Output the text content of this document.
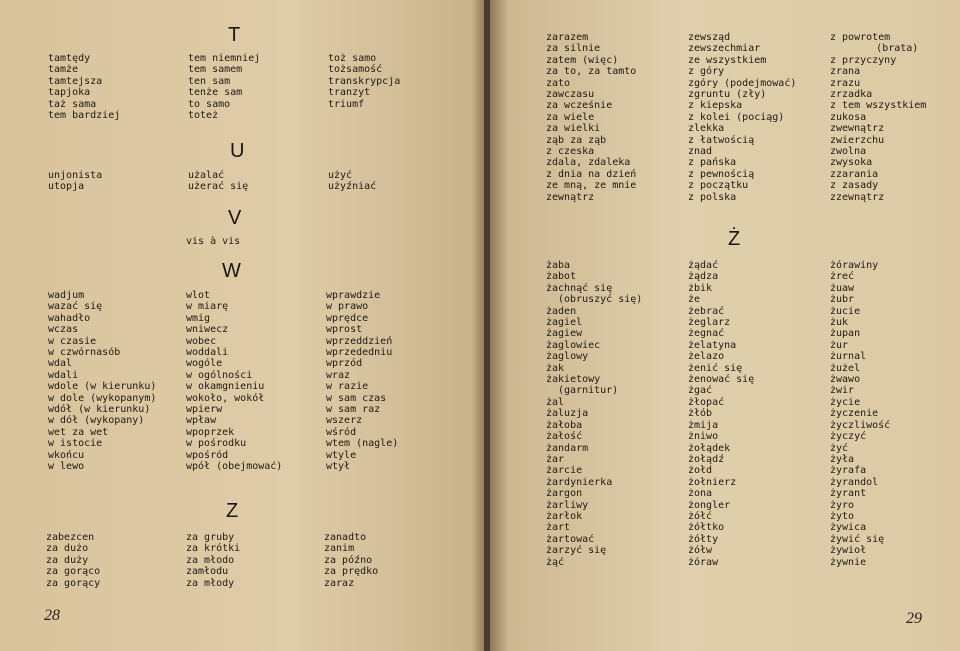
T
tamtędy
tamże
tamtejsza
tapjoka
taż sama
tem bardziej
tem niemniej
tem samem
ten sam
tenże sam
to samo
toteż
toż samo
tożsamość
transkrypcja
tranzyt
triumf
U
unjonista
utopja
użalać
użerać się
użyć
użyźniać
V
vis à vis
W
wadjum
wazać się
wahadło
wczas
w czasie
w czwórnasób
wdal
wdali
wdole (w kierunku)
w dole (wykopanym)
wdół (w kierunku)
w dół (wykopany)
wet za wet
w istocie
wkońcu
w lewo
wlot
w miarę
wmig
wniwecz
wobec
woddali
wogóle
w ogólności
w okamgnieniu
wokoło, wokół
wpierw
wpław
wpoprzek
w pośrodku
wpośród
wpół (obejmować)
wprawdzie
w prawo
wprędce
wprost
wprzeddzień
wprzededniu
wprzód
wraz
w razie
w sam czas
w sam raz
wszerz
wśród
wtem (nagle)
wtyle
wtył
Z
zabezcen
za dużo
za duży
za gorąco
za gorący
za gruby
za krótki
za młodo
zamłodu
za młody
zanadto
zanim
za późno
za prędko
zaraz
28
zarazem
za silnie
zatem (więc)
za to, za tamto
zato
zawczasu
za wcześnie
za wiele
za wielki
ząb za ząb
z czeska
zdala, zdaleka
z dnia na dzień
ze mną, ze mnie
zewnątrz
zewsząd
zewszechmiar
ze wszystkiem
z góry
zgóry (podejmować)
zgruntu (zły)
z kiepska
z kolei (pociąg)
zlekka
z łatwością
znad
z pańska
z pewnością
z początku
z polska
z powrotem
(brata)
z przyczyny
zrana
zrazu
zrzadka
z tem wszystkiem
zukosa
zwewnątrz
zwierzchu
zwolna
zwysoka
zzarania
z zasady
zzewnątrz
Ż
żaba
żabot
żachnąć się
(obruszyć się)
żaden
żagiel
żagiew
żaglowiec
żaglowy
żak
żakietowy
(garnitur)
żal
żaluzja
żałoba
żałość
żandarm
żar
żarcie
żardynierka
żargon
żarliwy
żarłok
żart
żartować
żarzyć się
żąć
żądać
żądza
żbik
że
żebrać
żeglarz
żegnać
żelatyna
żelazo
żenić się
żenować się
żgać
żłopać
żłób
żmija
żniwo
żołądek
żołądź
żołd
żołnierz
żona
żongler
żółć
żółtko
żółty
żółw
żóraw
żórawiny
żreć
żuaw
żubr
żucie
żuk
żupan
żur
żurnal
żużel
żwawo
żwir
życie
życzenie
życzliwość
życzyć
żyć
żyła
żyrafa
żyrandol
żyrant
żyro
żyto
żywica
żywić się
żywioł
żywnie
29
